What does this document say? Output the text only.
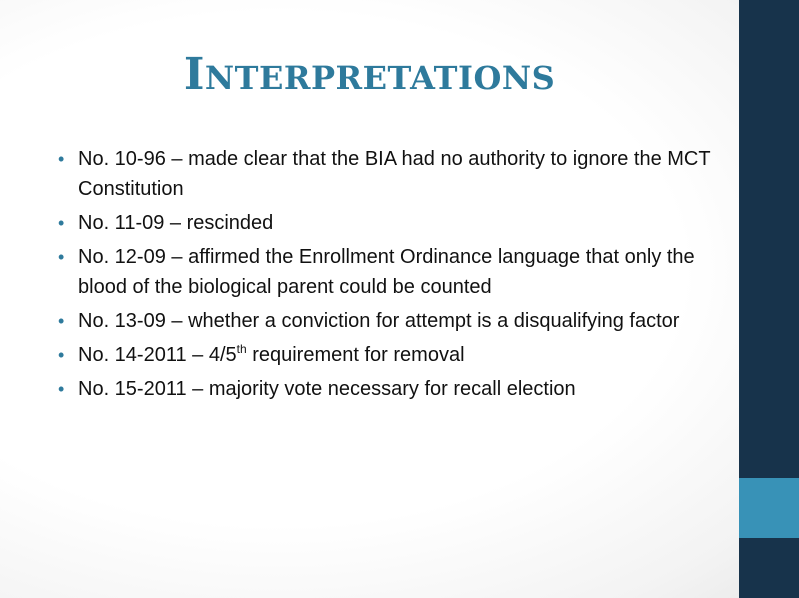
INTERPRETATIONS
• No. 10-96 – made clear that the BIA had no authority to ignore the MCT Constitution
• No. 11-09 – rescinded
• No. 12-09 – affirmed the Enrollment Ordinance language that only the blood of the biological parent could be counted
• No. 13-09 – whether a conviction for attempt is a disqualifying factor
• No. 14-2011 – 4/5th requirement for removal
• No. 15-2011 – majority vote necessary for recall election
